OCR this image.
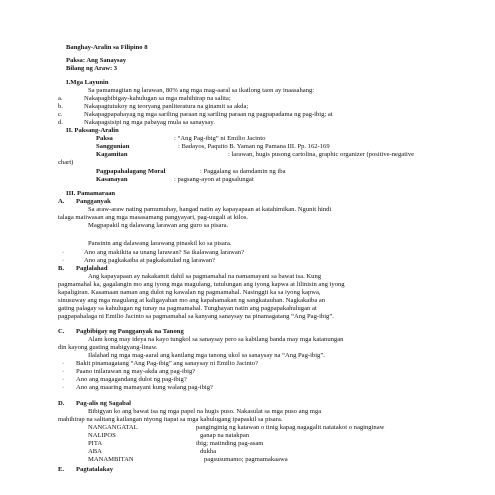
Banghay-Aralin sa Filipino 8
Paksa: Ang Sanaysay
Bilang ng Araw: 3
I.Mga Layunin
Sa pamamagitan ng larawan, 80% ang mga mag-aaral sa ikatlong taon ay inaasahang:
a.	Nakapagbibigay-kahulugan sa mga mahihirap na salita;
b.	Nakapagtutukoy ng teoryang panliteratura na ginamit sa akda;
c.	Nakapagpapahayag ng mga sariling paraan ng sariling paraan ng pagpapadama ng pag-ibig; at
d.	Nakapagsisipi ng mga pabayag mula sa sanaysay.
II. Paksang-Aralin
Paksa	: “Ang Pag-ibig” ni Emilio Jacinto
Sanggunian	: Badayos, Paquito B. Yaman ng Pamana III. Pp. 162-169
Kagamitan	: larawan, hugis pusong cartolina, graphic organizer (positive-negative
chart)
Pagpapahalagang Moral	: Paggalang sa damdamin ng iba
Kasanayan	: pagsang-ayon at pagsalungat
III. Pamamaraan
A. Pangganyak
Sa araw-araw nating pamumuhay, hangad natin ay kapayapaan at katahimikan. Ngunit hindi
talaga maiiwasan ang mga masasamang pangyayari, pag-uugali at kilos.
Magpapakil ng dalawang larawan ang guro sa pisara.
Pansinin ang dalawang larawang pinaskil ko sa pisara.
·	Ano ang makikita sa unang larawan? Sa ikalawang larawan?
·	Ano ang pagkakaiba at pagkakatulad ng larawan?
B. Paglalahad
Ang kapayapaan ay nakakamit dahil sa pagmamahal na namamayani sa bawat isa. Kung
pagmamahal ka, gagalangin mo ang iyong mga magulang, tutulungan ang iyong kapwa at lilinisin ang iyong
kapaligiran. Kasamaan naman ang dulot ng kawalan ng pagmamahal. Nasinggit ka sa iyong kapwa,
sinusuway ang mga magulang at kaligayahan mo ang kapahamakan ng sangkatauhan. Nagkakaiba an
gating palagay sa kahulugan ng tunay na pagmamahal. Tunghayan natin ang pagpapakahulugan at
pagpapahalaga ni Emilio Jacinto sa pagmamahal sa kanyang sanaysay na pinamagatang “Ang Pag-ibig”.
C. Pagbibigay ng Pangganyak na Tanong
Alam kong may ideya na kayo tungkol sa sanaysay pero sa kabilang banda may mga katanungan
din kayong gusting mabigyang-linaw.
Ilalahad ng mga mag-aaral ang kanilang mga tanong ukol sa sanaysay na “Ang Pag-ibig”.
· Bakit pinamagatang “Ang Pag-ibig” ang sanaysay ni Emilio Jacinto?
· Paano inilarawan ng may-akda ang pag-ibig?
· Ano ang magagandang dulot ng pag-ibig?
· Ano ang maaring mamayani kung walang pag-ibig?
D. Pag-alis ng Sagabal
Bibigyan ko ang bawat isa ng mga papel na hugis puso. Nakasulat sa mga puso ang mga
mahihirap na salitang kailangan niyong itapat sa mga kahulugang ipapaskil sa pisara.
NANGANGATAL	panginginig ng katawan o tinig kapag nagagalit natatakot o naginginaw
NALIPOS	ganap na natakpan
PITA	ibig; matinding pag-asam
ABA	dukha
MANAMBITAN	pagsusumamo; pagmamakaawa
E. Pagtatalakay
